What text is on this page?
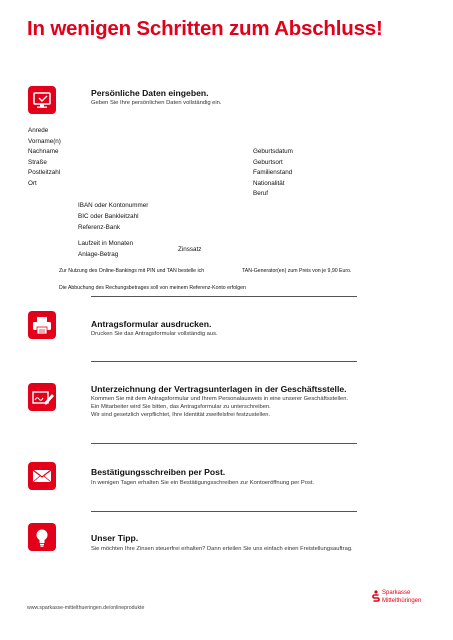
In wenigen Schritten zum Abschluss!
Persönliche Daten eingeben.
Geben Sie Ihre persönlichen Daten vollständig ein.
Anrede
Vorname(n)
Nachname
Straße
Postleitzahl
Ort
Geburtsdatum
Geburtsort
Familienstand
Nationalität
Beruf
IBAN oder Kontonummer
BIC oder Bankleitzahl
Referenz-Bank
Laufzeit in Monaten
Anlage-Betrag
Zinssatz
Zur Nutzung des Online-Bankings mit PIN und TAN bestelle ich	TAN-Generator(en) zum Preis von je 9,90 Euro.
Die Abbuchung des Rechungsbetrages soll von meinem Referenz-Konto erfolgen
Antragsformular ausdrucken.
Drucken Sie das Antragsformular vollständig aus.
Unterzeichnung der Vertragsunterlagen in der Geschäftsstelle.
Kommen Sie mit dem Antragsformular und Ihrem Personalausweis in eine unserer Geschäftsstellen.
Ein Mitarbeiter wird Sie bitten, das Antragsformular zu unterschreiben.
Wir sind gesetzlich verpflichtet, Ihre Identität zweifelsfrei festzustellen.
Bestätigungsschreiben per Post.
In wenigen Tagen erhalten Sie ein Bestätigungsschreiben zur Kontoeröffnung per Post.
Unser Tipp.
Sie möchten Ihre Zinsen steuerfrei erhalten? Dann erteilen Sie uns einfach einen Freistellungsauftrag.
www.sparkasse-mittelthueringen.de/onlineprodukte
Sparkasse
Mittelthüringen
